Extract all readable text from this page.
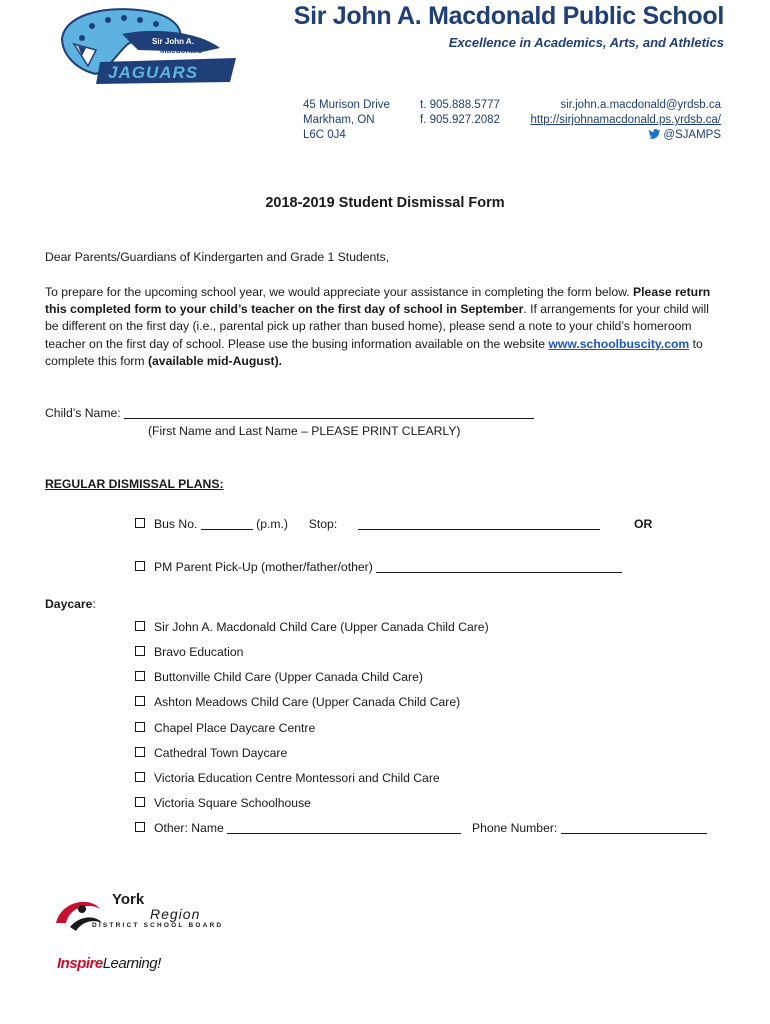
Sir John A.
Macdonald
JAGUARS
Sir John A. Macdonald Public School
Excellence in Academics, Arts, and Athletics
45 Murison Drive
Markham, ON
L6C 0J4
t. 905.888.5777
f. 905.927.2082
sir.john.a.macdonald@yrdsb.ca
http://sirjohnamacdonald.ps.yrdsb.ca/
@SJAMPS
2018-2019 Student Dismissal Form
Dear Parents/Guardians of Kindergarten and Grade 1 Students,
To prepare for the upcoming school year, we would appreciate your assistance in completing the form below. Please return this completed form to your child’s teacher on the first day of school in September. If arrangements for your child will be different on the first day (i.e., parental pick up rather than bused home), please send a note to your child’s homeroom teacher on the first day of school. Please use the busing information available on the website www.schoolbuscity.com to complete this form (available mid-August).
Child’s Name:
(First Name and Last Name – PLEASE PRINT CLEARLY)
REGULAR DISMISSAL PLANS:
Bus No.	(p.m.) Stop:	OR
PM Parent Pick-Up (mother/father/other)
Daycare:
Sir John A. Macdonald Child Care (Upper Canada Child Care)
Bravo Education
Buttonville Child Care (Upper Canada Child Care)
Ashton Meadows Child Care (Upper Canada Child Care)
Chapel Place Daycare Centre
Cathedral Town Daycare
Victoria Education Centre Montessori and Child Care
Victoria Square Schoolhouse
Other: Name	Phone Number:
York
Region
DISTRICT SCHOOL BOARD
InspireLearning!
